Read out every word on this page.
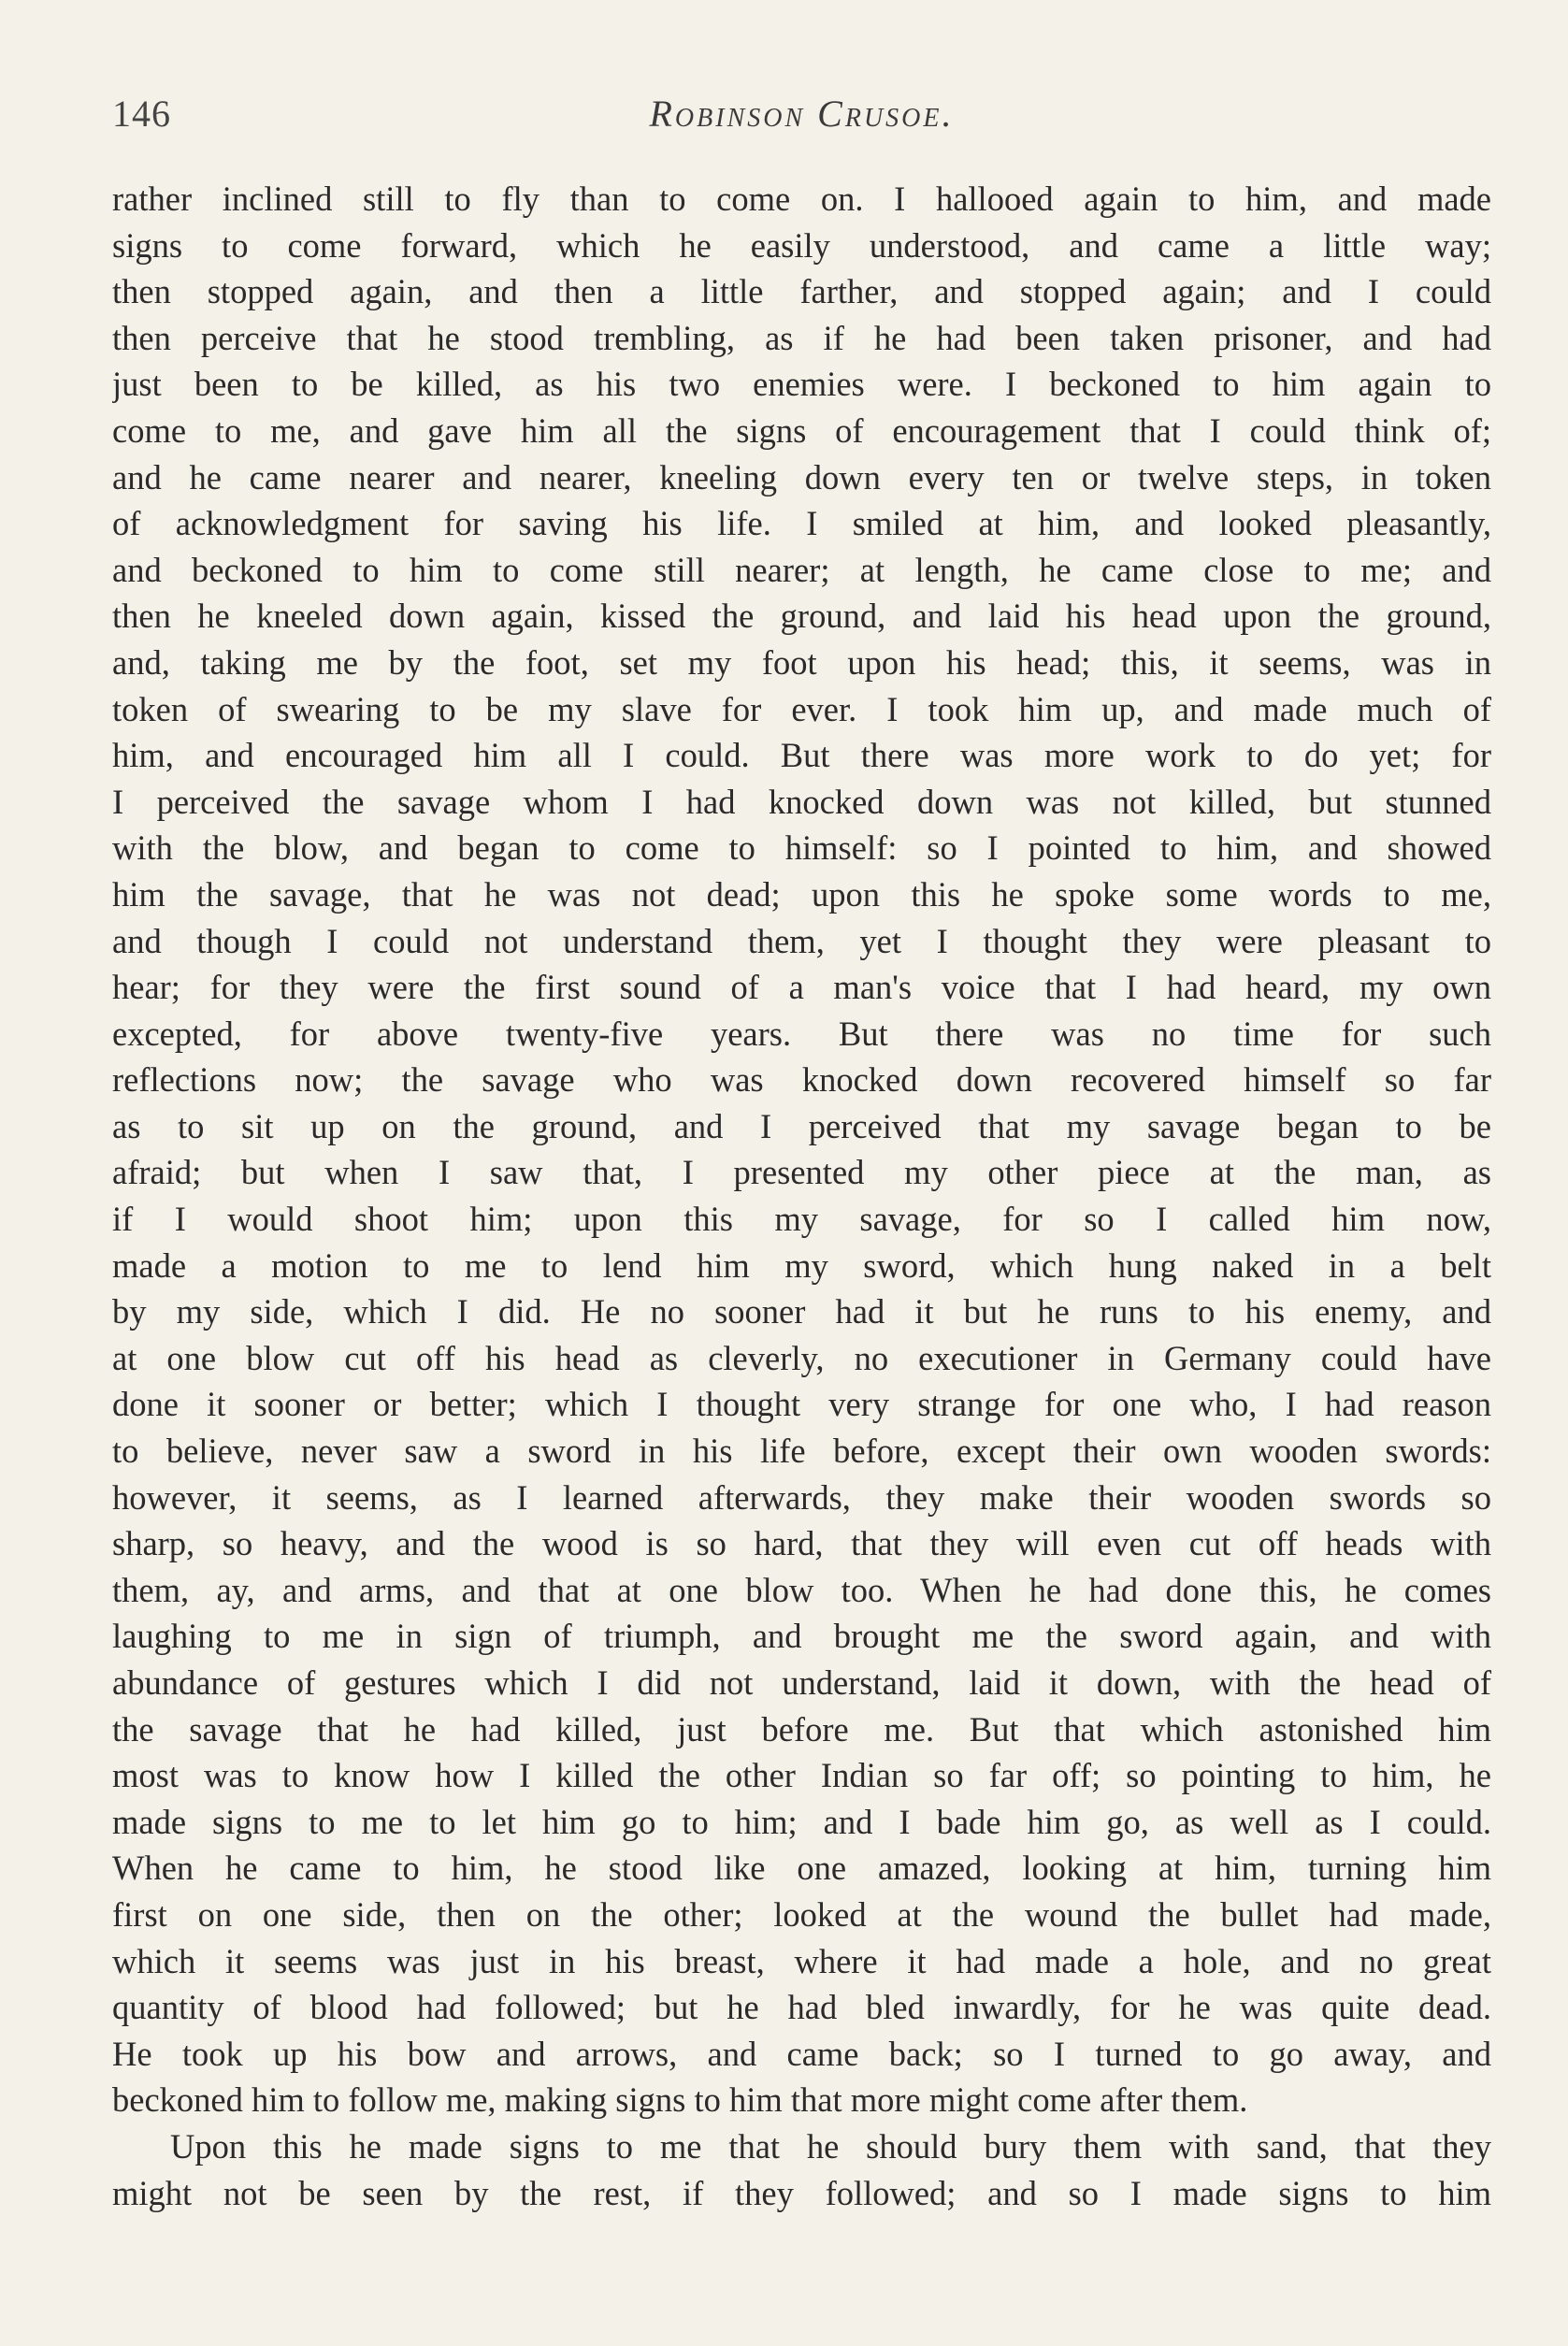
146	Robinson Crusoe.
rather inclined still to fly than to come on. I hallooed again to him, and made
signs to come forward, which he easily understood, and came a little way;
then stopped again, and then a little farther, and stopped again; and I could
then perceive that he stood trembling, as if he had been taken prisoner, and had
just been to be killed, as his two enemies were. I beckoned to him again to
come to me, and gave him all the signs of encouragement that I could think of;
and he came nearer and nearer, kneeling down every ten or twelve steps, in token
of acknowledgment for saving his life. I smiled at him, and looked pleasantly,
and beckoned to him to come still nearer; at length, he came close to me; and
then he kneeled down again, kissed the ground, and laid his head upon the ground,
and, taking me by the foot, set my foot upon his head; this, it seems, was in
token of swearing to be my slave for ever. I took him up, and made much of
him, and encouraged him all I could. But there was more work to do yet; for
I perceived the savage whom I had knocked down was not killed, but stunned
with the blow, and began to come to himself: so I pointed to him, and showed
him the savage, that he was not dead; upon this he spoke some words to me,
and though I could not understand them, yet I thought they were pleasant to
hear; for they were the first sound of a man's voice that I had heard, my own
excepted, for above twenty-five years. But there was no time for such
reflections now; the savage who was knocked down recovered himself so far
as to sit up on the ground, and I perceived that my savage began to be
afraid; but when I saw that, I presented my other piece at the man, as
if I would shoot him; upon this my savage, for so I called him now,
made a motion to me to lend him my sword, which hung naked in a belt
by my side, which I did. He no sooner had it but he runs to his enemy, and
at one blow cut off his head as cleverly, no executioner in Germany could have
done it sooner or better; which I thought very strange for one who, I had reason
to believe, never saw a sword in his life before, except their own wooden swords:
however, it seems, as I learned afterwards, they make their wooden swords so
sharp, so heavy, and the wood is so hard, that they will even cut off heads with
them, ay, and arms, and that at one blow too. When he had done this, he comes
laughing to me in sign of triumph, and brought me the sword again, and with
abundance of gestures which I did not understand, laid it down, with the head of
the savage that he had killed, just before me. But that which astonished him
most was to know how I killed the other Indian so far off; so pointing to him, he
made signs to me to let him go to him; and I bade him go, as well as I could.
When he came to him, he stood like one amazed, looking at him, turning him
first on one side, then on the other; looked at the wound the bullet had made,
which it seems was just in his breast, where it had made a hole, and no great
quantity of blood had followed; but he had bled inwardly, for he was quite dead.
He took up his bow and arrows, and came back; so I turned to go away, and
beckoned him to follow me, making signs to him that more might come after them.
Upon this he made signs to me that he should bury them with sand, that they
might not be seen by the rest, if they followed; and so I made signs to him
